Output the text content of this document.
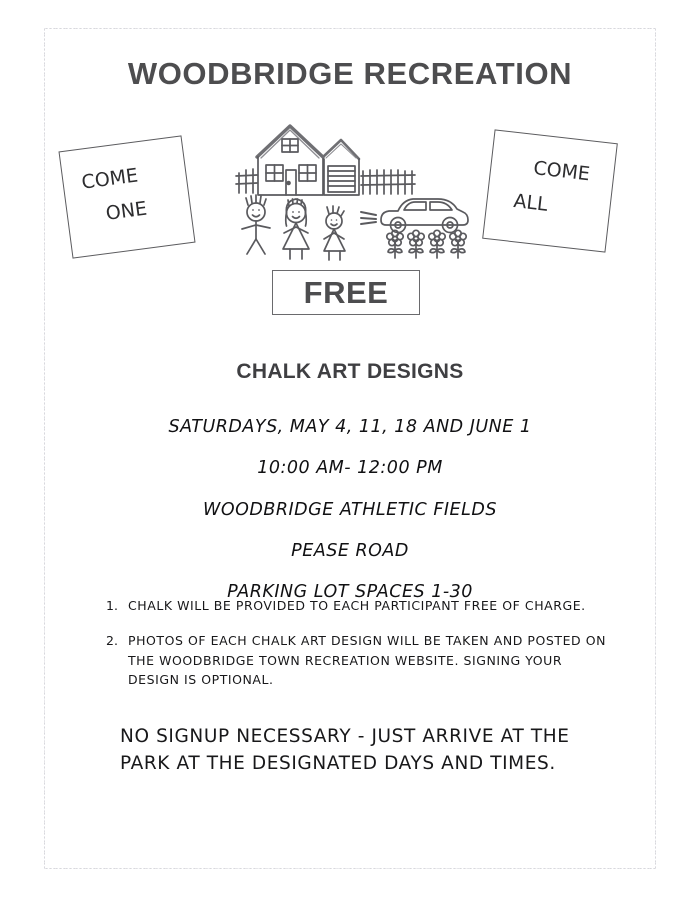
WOODBRIDGE RECREATION
COME
ONE
COME
ALL
FREE
CHALK ART DESIGNS

SATURDAYS, MAY 4, 11, 18 AND JUNE 1

10:00 AM- 12:00 PM

WOODBRIDGE ATHLETIC FIELDS

PEASE ROAD

PARKING LOT SPACES 1-30

1. CHALK WILL BE PROVIDED TO EACH PARTICIPANT FREE OF CHARGE.
2. PHOTOS OF EACH CHALK ART DESIGN WILL BE TAKEN AND POSTED ON THE WOODBRIDGE TOWN RECREATION WEBSITE. SIGNING YOUR DESIGN IS OPTIONAL.

NO SIGNUP NECESSARY - JUST ARRIVE AT THE

PARK AT THE DESIGNATED DAYS AND TIMES.
